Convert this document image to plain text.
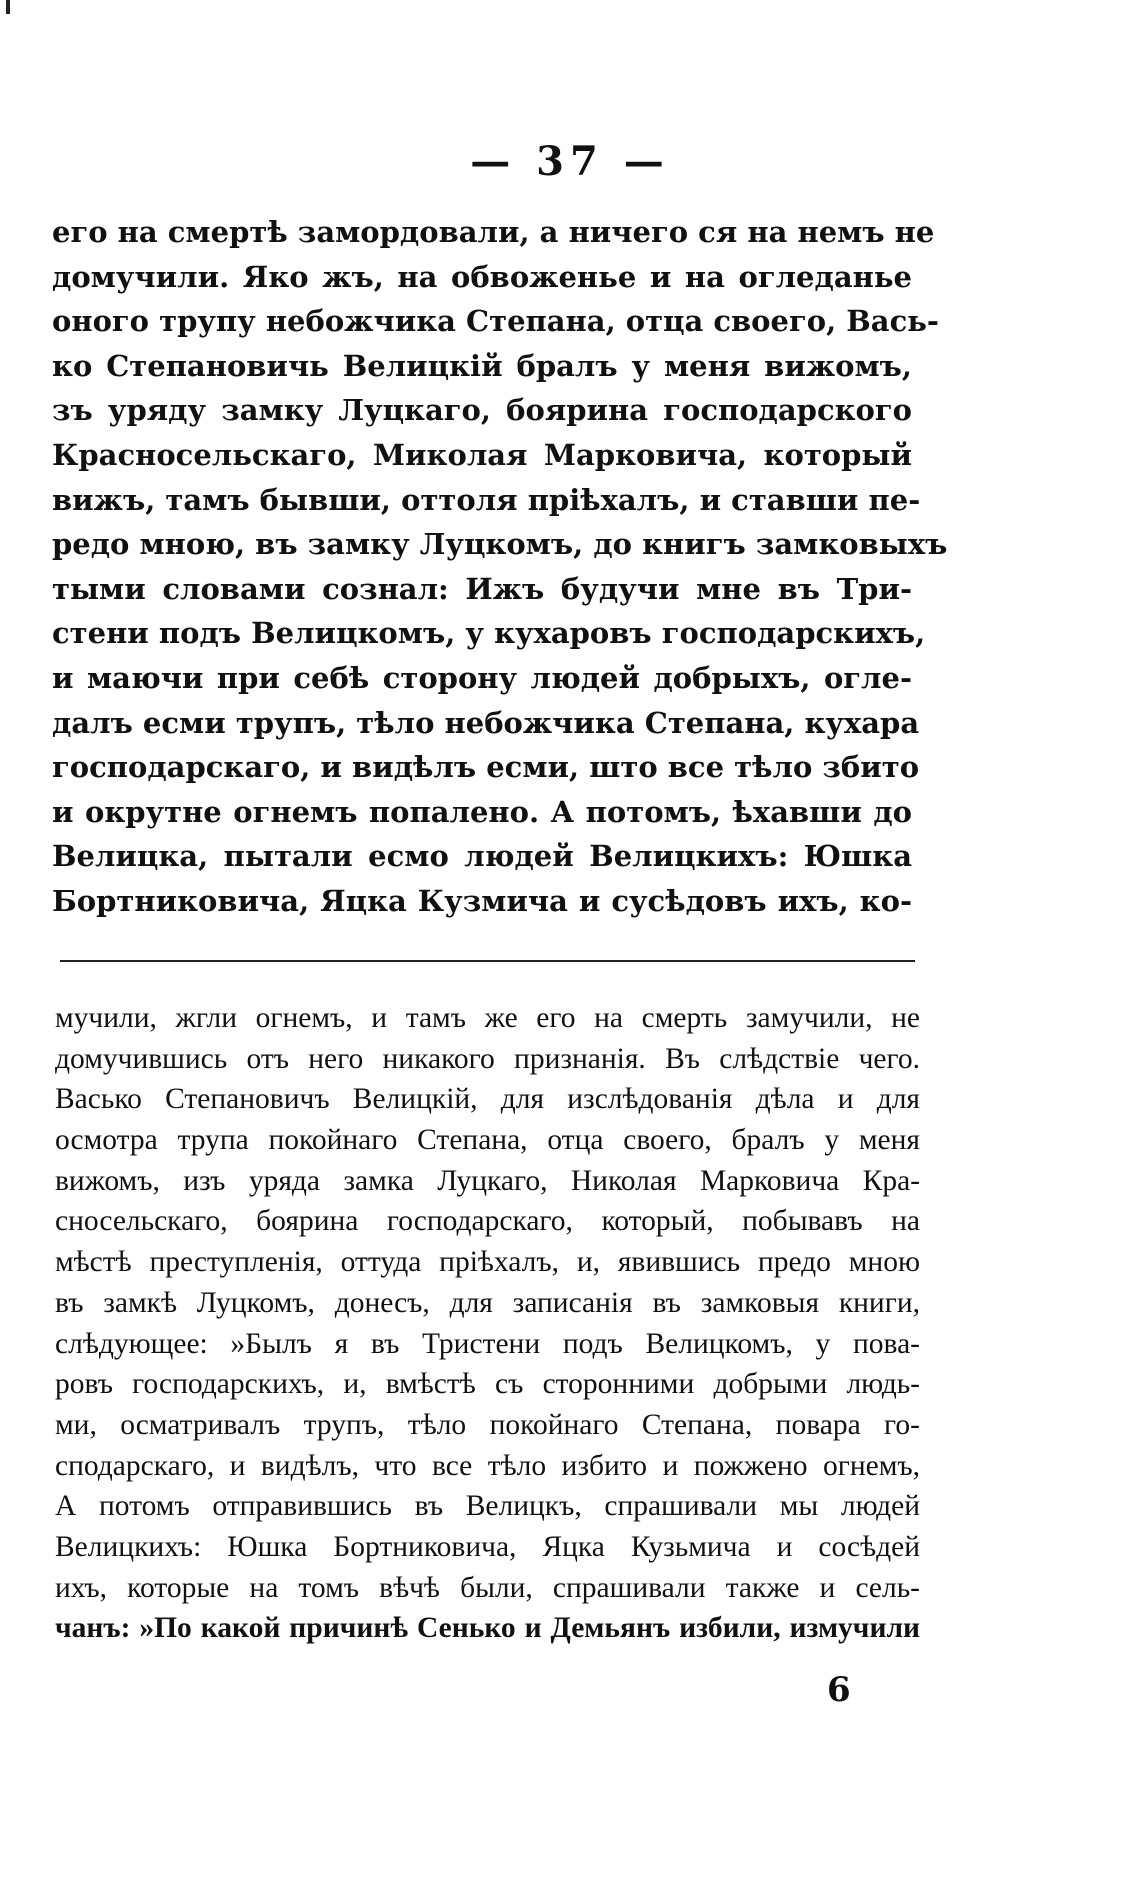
— 37 —
его на смертѣ замордовали, а ничего ся на немъ не
домучили. Яко жъ, на обвоженье и на огледанье
оного трупу небожчика Степана, отца своего, Вась-
ко Степановичь Велицкій бралъ у меня вижомъ,
зъ уряду замку Луцкаго, боярина господарского
Красносельскаго, Миколая Марковича, который
вижъ, тамъ бывши, оттоля пріѣхалъ, и ставши пе-
редо мною, въ замку Луцкомъ, до книгъ замковыхъ
тыми словами сознал: Ижъ будучи мне въ Три-
стени подъ Велицкомъ, у кухаровъ господарскихъ,
и маючи при себѣ сторону людей добрыхъ, огле-
далъ есми трупъ, тѣло небожчика Степана, кухара
господарскаго, и видѣлъ есми, што все тѣло збито
и окрутне огнемъ попалено. А потомъ, ѣхавши до
Велицка, пытали есмо людей Велицкихъ: Юшка
Бортниковича, Яцка Кузмича и сусѣдовъ ихъ, ко-
мучили, жгли огнемъ, и тамъ же его на смерть замучили, не
домучившись отъ него никакого признанія. Въ слѣдствіе чего.
Васько Степановичъ Велицкій, для изслѣдованія дѣла и для
осмотра трупа покойнаго Степана, отца своего, бралъ у меня
вижомъ, изъ уряда замка Луцкаго, Николая Марковича Кра-
сносельскаго, боярина господарскаго, который, побывавъ на
мѣстѣ преступленія, оттуда пріѣхалъ, и, явившись предо мною
въ замкѣ Луцкомъ, донесъ, для записанія въ замковыя книги,
слѣдующее: »Былъ я въ Тристени подъ Велицкомъ, у пова-
ровъ господарскихъ, и, вмѣстѣ съ сторонними добрыми людь-
ми, осматривалъ трупъ, тѣло покойнаго Степана, повара го-
сподарскаго, и видѣлъ, что все тѣло избито и пожжено огнемъ,
А потомъ отправившись въ Велицкъ, спрашивали мы людей
Велицкихъ: Юшка Бортниковича, Яцка Кузьмича и сосѣдей
ихъ, которые на томъ вѣчѣ были, спрашивали также и сель-
чанъ: »По какой причинѣ Сенько и Демьянъ избили, измучили
6
